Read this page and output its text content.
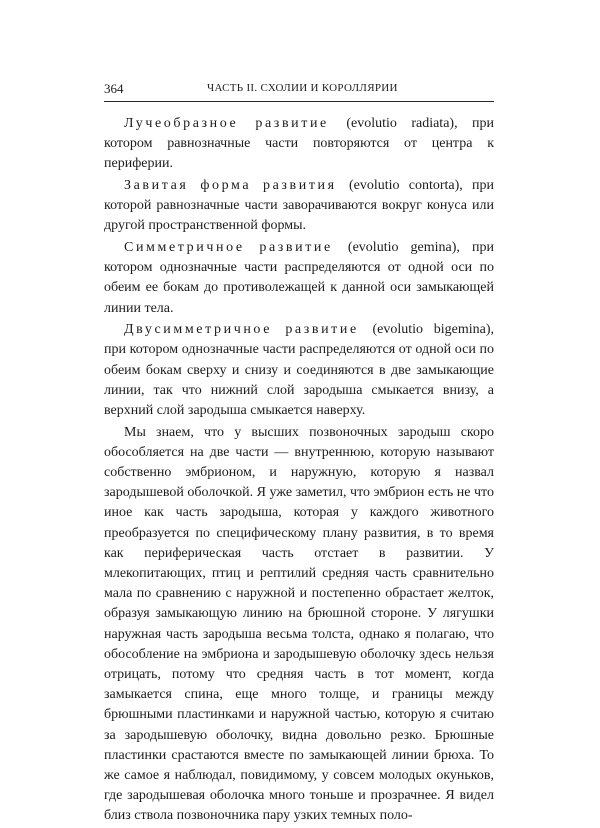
364	ЧАСТЬ II. СХОЛИИ И КОРОЛЛЯРИИ

Лучеобразное развитие (evolutio radiata), при котором равнозначные части повторяются от центра к периферии.

Завитая форма развития (evolutio contorta), при которой равнозначные части заворачиваются вокруг конуса или другой пространственной формы.

Симметричное развитие (evolutio gemina), при котором однозначные части распределяются от одной оси по обеим ее бокам до противолежащей к данной оси замыкающей линии тела.

Двусимметричное развитие (evolutio bigemina), при котором однозначные части распределяются от одной оси по обеим бокам сверху и снизу и соединяются в две замыкающие линии, так что нижний слой зародыша смыкается внизу, а верхний слой зародыша смыкается наверху.

Мы знаем, что у высших позвоночных зародыш скоро обособляется на две части — внутреннюю, которую называют собственно эмбрионом, и наружную, которую я назвал зародышевой оболочкой. Я уже заметил, что эмбрион есть не что иное как часть зародыша, которая у каждого животного преобразуется по специфическому плану развития, в то время как периферическая часть отстает в развитии. У млекопитающих, птиц и рептилий средняя часть сравнительно мала по сравнению с наружной и постепенно обрастает желток, образуя замыкающую линию на брюшной стороне. У лягушки наружная часть зародыша весьма толста, однако я полагаю, что обособление на эмбриона и зародышевую оболочку здесь нельзя отрицать, потому что средняя часть в тот момент, когда замыкается спина, еще много толще, и границы между брюшными пластинками и наружной частью, которую я считаю за зародышевую оболочку, видна довольно резко. Брюшные пластинки срастаются вместе по замыкающей линии брюха. То же самое я наблюдал, повидимому, у совсем молодых окуньков, где зародышевая оболочка много тоньше и прозрачнее. Я видел близ ствола позвоночника пару узких темных поло-
